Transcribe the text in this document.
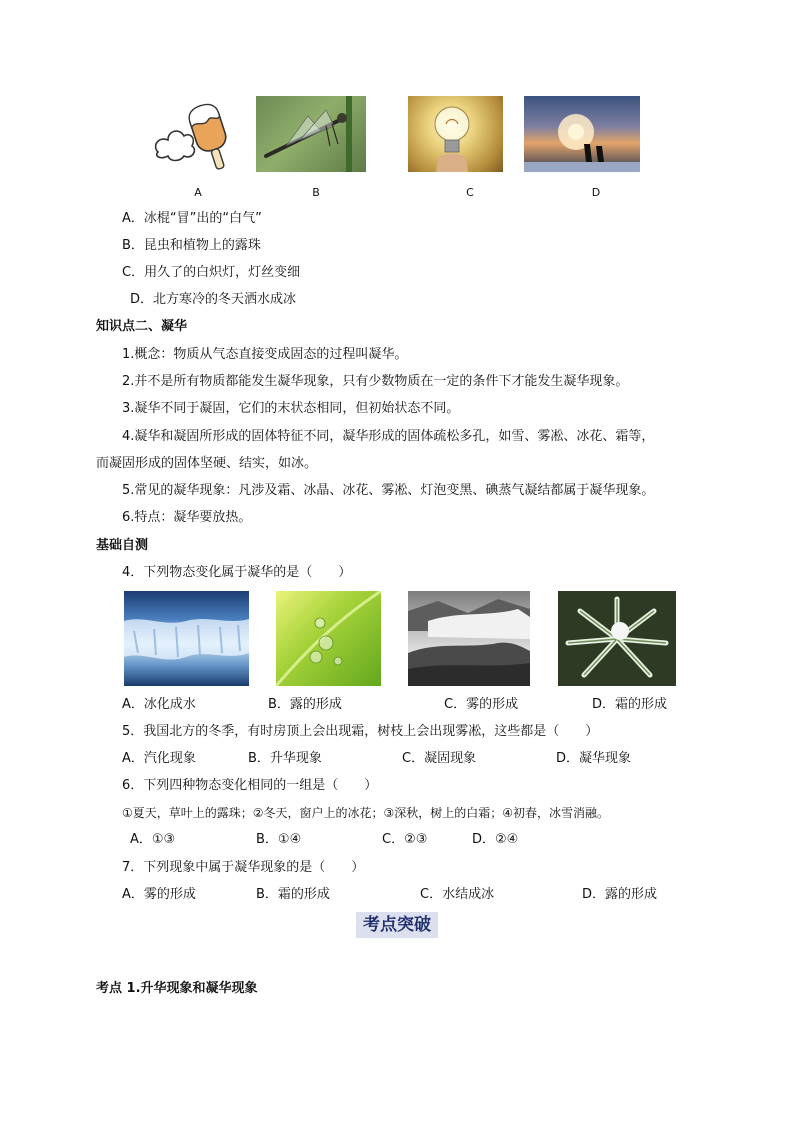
A	B	C	D
A．冰棍“冒”出的“白气”
B．昆虫和植物上的露珠
C．用久了的白炽灯，灯丝变细
D．北方寒冷的冬天洒水成冰
知识点二、凝华
1.概念：物质从气态直接变成固态的过程叫凝华。
2.并不是所有物质都能发生凝华现象，只有少数物质在一定的条件下才能发生凝华现象。
3.凝华不同于凝固，它们的末状态相同，但初始状态不同。
4.凝华和凝固所形成的固体特征不同，凝华形成的固体疏松多孔，如雪、雾凇、冰花、霜等，
而凝固形成的固体坚硬、结实，如冰。
5.常见的凝华现象：凡涉及霜、冰晶、冰花、雾凇、灯泡变黑、碘蒸气凝结都属于凝华现象。
6.特点：凝华要放热。
基础自测
4．下列物态变化属于凝华的是（　　）
A．冰化成水	B．露的形成	C．雾的形成	D．霜的形成
5．我国北方的冬季，有时房顶上会出现霜，树枝上会出现雾凇，这些都是（　　）
A．汽化现象	B．升华现象	C．凝固现象	D．凝华现象
6．下列四种物态变化相同的一组是（　　）
①夏天，草叶上的露珠；②冬天，窗户上的冰花；③深秋，树上的白霜；④初春，冰雪消融。
A．①③	B．①④	C．②③	D．②④
7．下列现象中属于凝华现象的是（　　）
A．雾的形成	B．霜的形成	C．水结成冰	D．露的形成
考点突破
考点 1.升华现象和凝华现象
